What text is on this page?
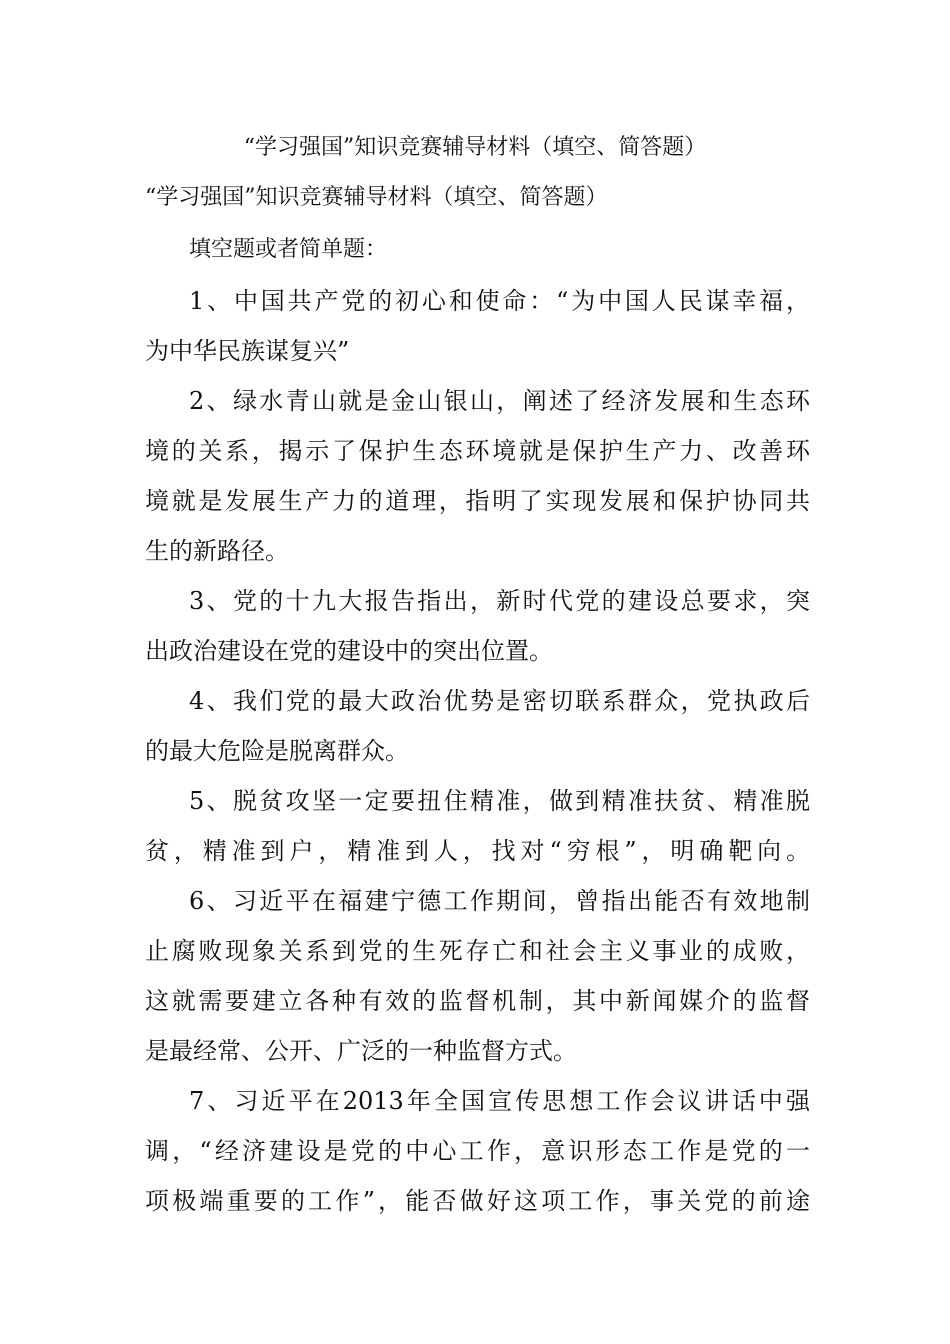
“学习强国”知识竞赛辅导材料（填空、简答题）
“学习强国”知识竞赛辅导材料（填空、简答题）
填空题或者简单题：
1、中国共产党的初心和使命：“为中国人民谋幸福，
为中华民族谋复兴”
2、绿水青山就是金山银山，阐述了经济发展和生态环
境的关系，揭示了保护生态环境就是保护生产力、改善环
境就是发展生产力的道理，指明了实现发展和保护协同共
生的新路径。
3、党的十九大报告指出，新时代党的建设总要求，突
出政治建设在党的建设中的突出位置。
4、我们党的最大政治优势是密切联系群众，党执政后
的最大危险是脱离群众。
5、脱贫攻坚一定要扭住精准，做到精准扶贫、精准脱
贫，精准到户，精准到人，找对“穷根”，明确靶向。
6、习近平在福建宁德工作期间，曾指出能否有效地制
止腐败现象关系到党的生死存亡和社会主义事业的成败，
这就需要建立各种有效的监督机制，其中新闻媒介的监督
是最经常、公开、广泛的一种监督方式。
7、习近平在2013年全国宣传思想工作会议讲话中强
调，“经济建设是党的中心工作，意识形态工作是党的一
项极端重要的工作”，能否做好这项工作，事关党的前途
